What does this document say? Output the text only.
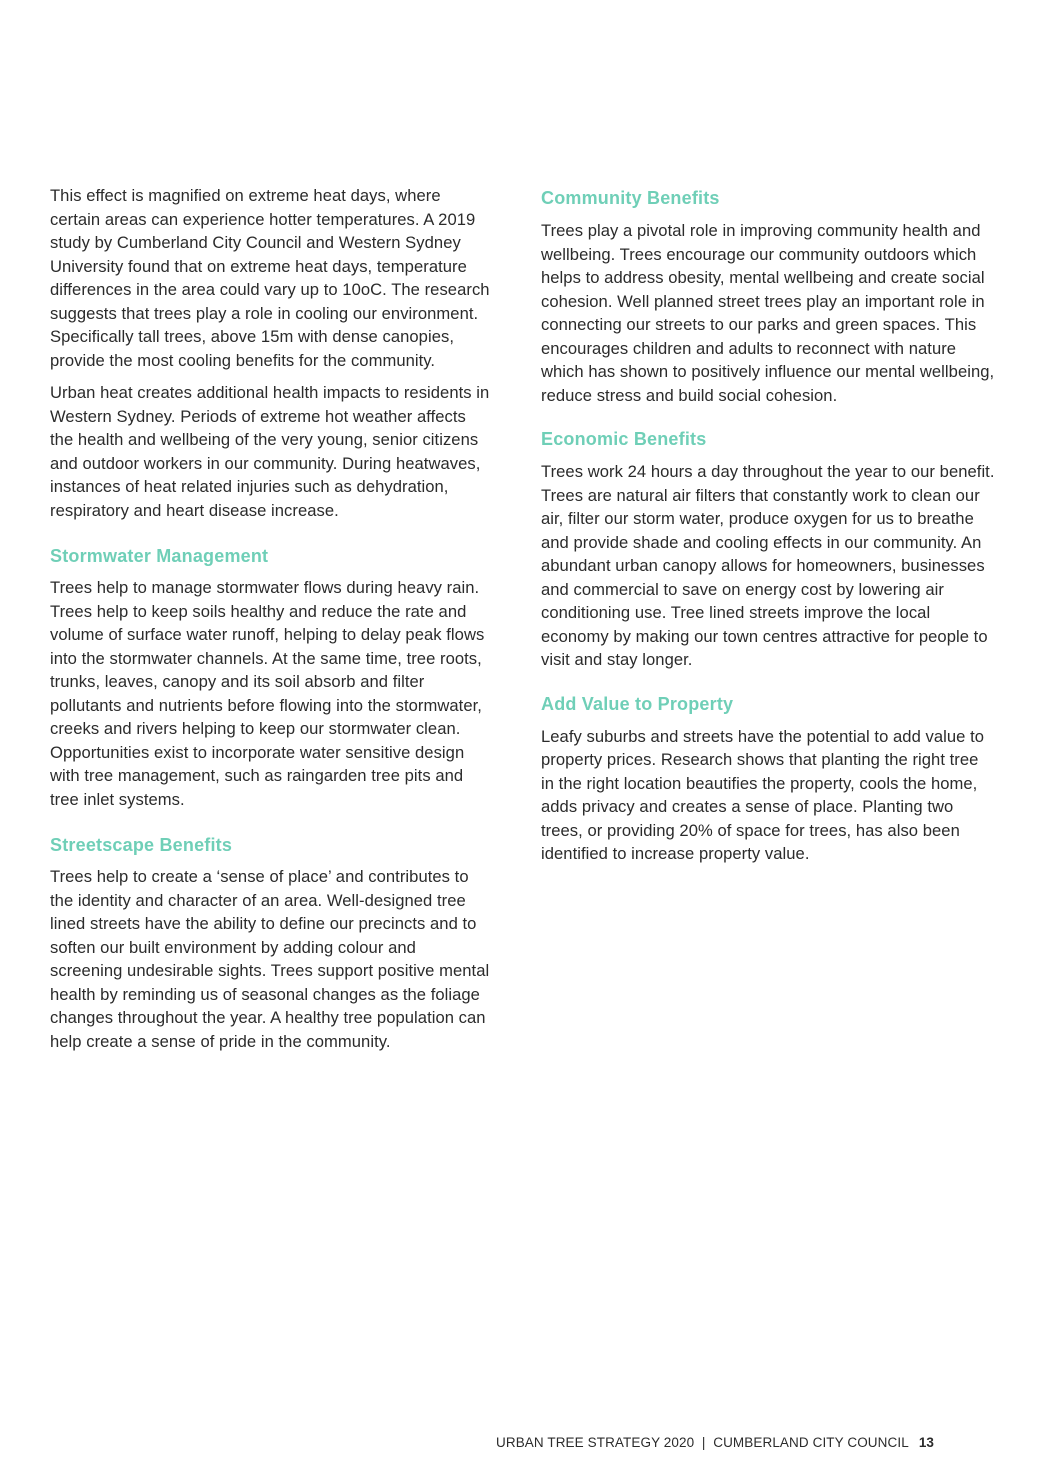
This effect is magnified on extreme heat days, where certain areas can experience hotter temperatures. A 2019 study by Cumberland City Council and Western Sydney University found that on extreme heat days, temperature differences in the area could vary up to 10oC. The research suggests that trees play a role in cooling our environment. Specifically tall trees, above 15m with dense canopies, provide the most cooling benefits for the community.

Urban heat creates additional health impacts to residents in Western Sydney. Periods of extreme hot weather affects the health and wellbeing of the very young, senior citizens and outdoor workers in our community. During heatwaves, instances of heat related injuries such as dehydration, respiratory and heart disease increase.

Stormwater Management

Trees help to manage stormwater flows during heavy rain. Trees help to keep soils healthy and reduce the rate and volume of surface water runoff, helping to delay peak flows into the stormwater channels. At the same time, tree roots, trunks, leaves, canopy and its soil absorb and filter pollutants and nutrients before flowing into the stormwater, creeks and rivers helping to keep our stormwater clean. Opportunities exist to incorporate water sensitive design with tree management, such as raingarden tree pits and tree inlet systems.

Streetscape Benefits

Trees help to create a ‘sense of place’ and contributes to the identity and character of an area. Well-designed tree lined streets have the ability to define our precincts and to soften our built environment by adding colour and screening undesirable sights. Trees support positive mental health by reminding us of seasonal changes as the foliage changes throughout the year. A healthy tree population can help create a sense of pride in the community.

Community Benefits

Trees play a pivotal role in improving community health and wellbeing. Trees encourage our community outdoors which helps to address obesity, mental wellbeing and create social cohesion. Well planned street trees play an important role in connecting our streets to our parks and green spaces. This encourages children and adults to reconnect with nature which has shown to positively influence our mental wellbeing, reduce stress and build social cohesion.

Economic Benefits

Trees work 24 hours a day throughout the year to our benefit. Trees are natural air filters that constantly work to clean our air, filter our storm water, produce oxygen for us to breathe and provide shade and cooling effects in our community. An abundant urban canopy allows for homeowners, businesses and commercial to save on energy cost by lowering air conditioning use. Tree lined streets improve the local economy by making our town centres attractive for people to visit and stay longer.

Add Value to Property

Leafy suburbs and streets have the potential to add value to property prices. Research shows that planting the right tree in the right location beautifies the property, cools the home, adds privacy and creates a sense of place. Planting two trees, or providing 20% of space for trees, has also been identified to increase property value.

URBAN TREE STRATEGY 2020  |  CUMBERLAND CITY COUNCIL 13
